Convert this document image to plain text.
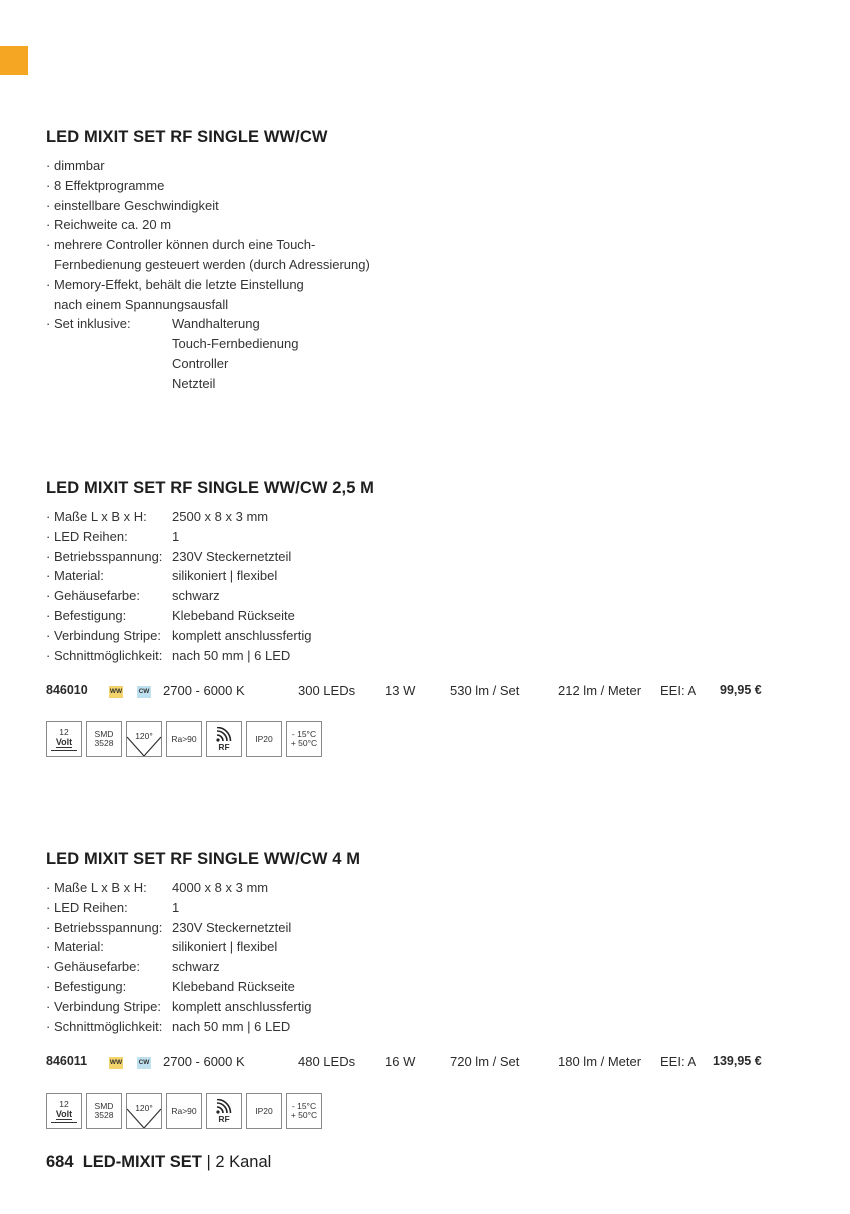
LED MIXIT SET RF SINGLE WW/CW
· dimmbar
· 8 Effektprogramme
· einstellbare Geschwindigkeit
· Reichweite ca. 20 m
· mehrere Controller können durch eine Touch-
Fernbedienung gesteuert werden (durch Adressierung)
· Memory-Effekt, behält die letzte Einstellung
nach einem Spannungsausfall
· Set inklusive:	Wandhalterung
Touch-Fernbedienung
Controller
Netzteil
LED MIXIT SET RF SINGLE WW/CW 2,5 M
· Maße L x B x H:	2500 x 8 x 3 mm
· LED Reihen:	1
· Betriebsspannung: 230V Steckernetzteil
· Material:	silikoniert | flexibel
· Gehäusefarbe:	schwarz
· Befestigung:	Klebeband Rückseite
· Verbindung Stripe: komplett anschlussfertig
· Schnittmöglichkeit: nach 50 mm | 6 LED
846010	WW	CW 2700 - 6000 K	300 LEDs 13 W	530 lm / Set	212 lm / Meter EEI: A 99,95 €
12
Volt
SMD
3528
120° Ra>90
RF
IP20 - 15°C
+ 50°C
LED MIXIT SET RF SINGLE WW/CW 4 M
· Maße L x B x H:	4000 x 8 x 3 mm
· LED Reihen:	1
· Betriebsspannung: 230V Steckernetzteil
· Material:	silikoniert | flexibel
· Gehäusefarbe:	schwarz
· Befestigung:	Klebeband Rückseite
· Verbindung Stripe: komplett anschlussfertig
· Schnittmöglichkeit: nach 50 mm | 6 LED
846011	WW	CW 2700 - 6000 K	480 LEDs 16 W	720 lm / Set	180 lm / Meter EEI: A 139,95 €
12
Volt
SMD
3528
120° Ra>90
RF
IP20 - 15°C
+ 50°C
684 LED-MIXIT SET | 2 Kanal
